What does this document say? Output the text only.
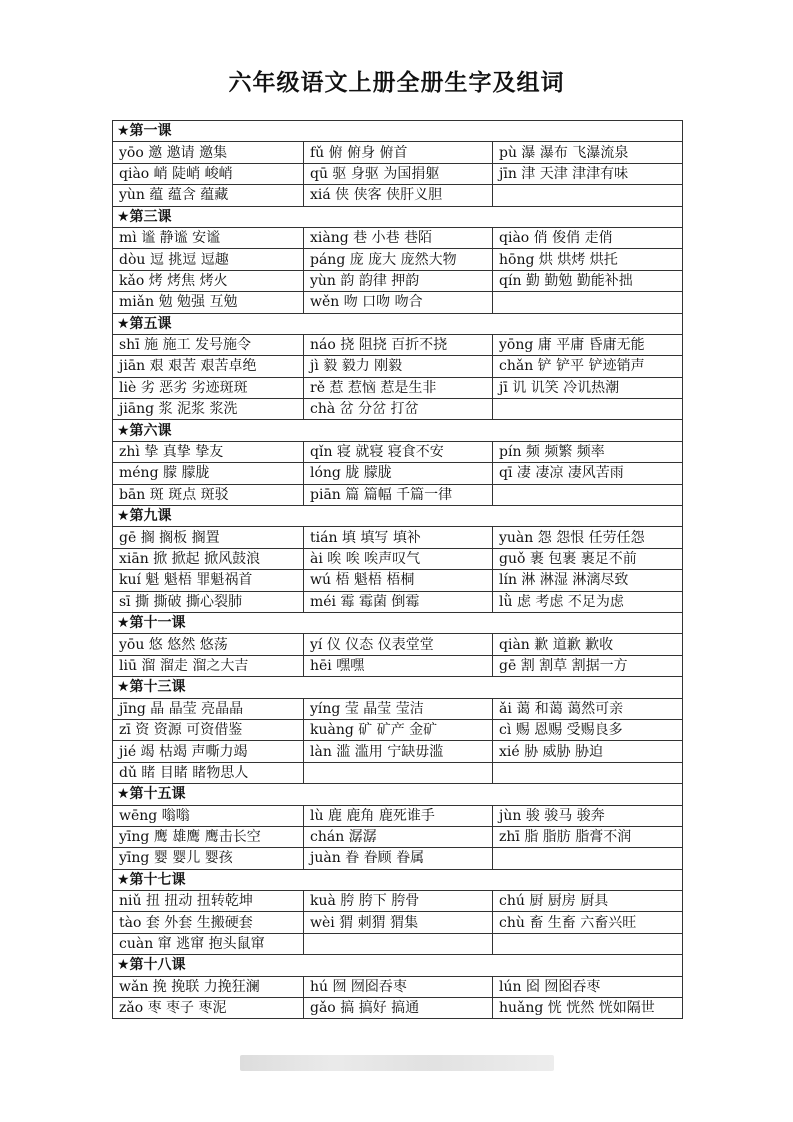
六年级语文上册全册生字及组词
★第一课		
yōo 邀 邀请 邀集	fǔ 俯 俯身 俯首	pù 瀑 瀑布 飞瀑流泉
qiào 峭 陡峭 峻峭	qū 驱 身驱 为国捐躯	jīn 津 天津 津津有味
yùn 蕴 蕴含 蕴藏	xiá 侠 侠客 侠肝义胆	
★第三课		
mì 谧 静谧 安谧	xiàng 巷 小巷 巷陌	qiào 俏 俊俏 走俏
dòu 逗 挑逗 逗趣	páng 庞 庞大 庞然大物	hōng 烘 烘烤 烘托
kǎo 烤 烤焦 烤火	yùn 韵 韵律 押韵	qín 勤 勤勉 勤能补拙
miǎn 勉 勉强 互勉	wěn 吻 口吻 吻合	
★第五课		
shī 施 施工 发号施令	náo 挠 阻挠 百折不挠	yōng 庸 平庸 昏庸无能
jiān 艰 艰苦 艰苦卓绝	jì 毅 毅力 刚毅	chǎn 铲 铲平 铲迹销声
liè 劣 恶劣 劣迹斑斑	rě 惹 惹恼 惹是生非	jī 讥 讥笑 冷讥热潮
jiāng 浆 泥浆 浆洗	chà 岔 分岔 打岔	
★第六课		
zhì 挚 真挚 挚友	qǐn 寝 就寝 寝食不安	pín 频 频繁 频率
méng 朦 朦胧	lóng 胧 朦胧	qī 凄 凄凉 凄风苦雨
bān 斑 斑点 斑驳	piān 篇 篇幅 千篇一律	
★第九课		
gē 搁 搁板 搁置	tián 填 填写 填补	yuàn 怨 怨恨 任劳任怨
xiān 掀 掀起 掀风鼓浪	ài 唉 唉 唉声叹气	guǒ 裹 包裹 裹足不前
kuí 魁 魁梧 罪魁祸首	wú 梧 魁梧 梧桐	lín 淋 淋湿 淋漓尽致
sī 撕 撕破 撕心裂肺	méi 霉 霉菌 倒霉	lǜ 虑 考虑 不足为虑
★第十一课		
yōu 悠 悠然 悠荡	yí 仪 仪态 仪表堂堂	qiàn 歉 道歉 歉收
liū 溜 溜走 溜之大吉	hēi 嘿嘿	gē 割 割草 割据一方
★第十三课		
jīng 晶 晶莹 亮晶晶	yíng 莹 晶莹 莹洁	ǎi 蔼 和蔼 蔼然可亲
zī 资 资源 可资借鉴	kuàng 矿 矿产 金矿	cì 赐 恩赐 受赐良多
jié 竭 枯竭 声嘶力竭	làn 滥 滥用 宁缺毋滥	xié 胁 威胁 胁迫
dǔ 睹 目睹 睹物思人		
★第十五课		
wēng 嗡嗡	lù 鹿 鹿角 鹿死谁手	jùn 骏 骏马 骏奔
yīng 鹰 雄鹰 鹰击长空	chán 潺潺	zhī 脂 脂肪 脂膏不润
yīng 婴 婴儿 婴孩	juàn 眷 眷顾 眷属	
★第十七课		
niǔ 扭 扭动 扭转乾坤	kuà 胯 胯下 胯骨	chú 厨 厨房 厨具
tào 套 外套 生搬硬套	wèi 猬 刺猬 猬集	chù 畜 生畜 六畜兴旺
cuàn 窜 逃窜 抱头鼠窜		
★第十八课		
wǎn 挽 挽联 力挽狂澜	hú 囫 囫囵吞枣	lún 囵 囫囵吞枣
zǎo 枣 枣子 枣泥	gǎo 搞 搞好 搞通	huǎng 恍 恍然 恍如隔世
